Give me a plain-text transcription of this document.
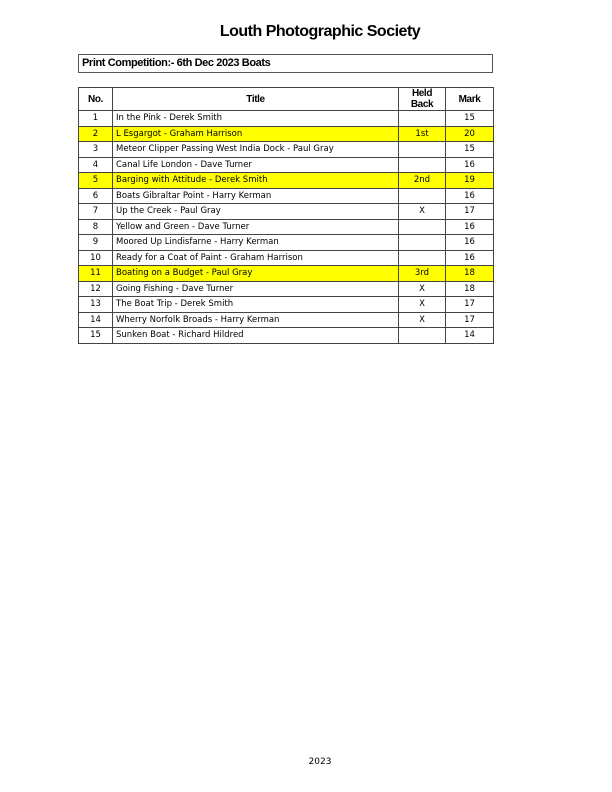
Louth Photographic Society
Print Competition:- 6th Dec 2023 Boats
No.	Title	Held Back	Mark
1	In the Pink - Derek Smith		15
2	L Esgargot - Graham Harrison	1st	20
3	Meteor Clipper Passing West India Dock - Paul Gray		15
4	Canal Life London - Dave Turner		16
5	Barging with Attitude - Derek Smith	2nd	19
6	Boats Gibraltar Point - Harry Kerman		16
7	Up the Creek - Paul Gray	X	17
8	Yellow and Green - Dave Turner		16
9	Moored Up Lindisfarne - Harry Kerman		16
10	Ready for a Coat of Paint - Graham Harrison		16
11	Boating on a Budget - Paul Gray	3rd	18
12	Going Fishing - Dave Turner	X	18
13	The Boat Trip - Derek Smith	X	17
14	Wherry Norfolk Broads - Harry Kerman	X	17
15	Sunken Boat - Richard Hildred		14
2023
